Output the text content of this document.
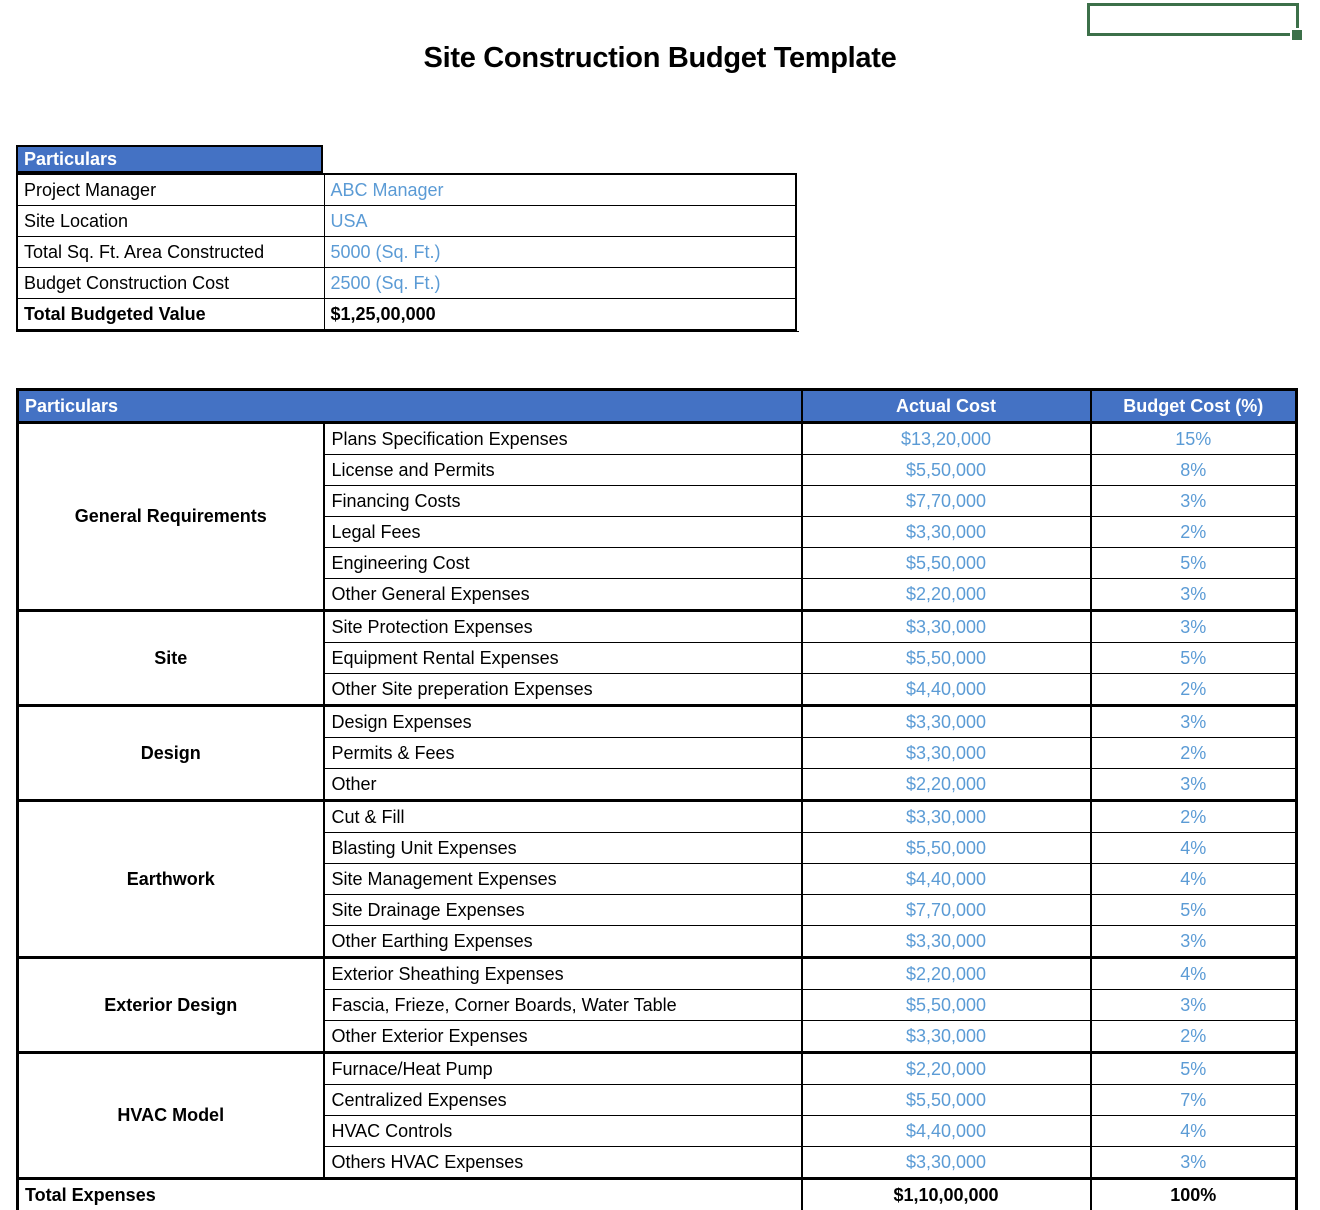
Site Construction Budget Template
Particulars
Project Manager	ABC Manager
Site Location	USA
Total Sq. Ft. Area Constructed	5000 (Sq. Ft.)
Budget Construction Cost	2500 (Sq. Ft.)
Total Budgeted Value	$1,25,00,000
Particulars		Actual Cost	Budget Cost (%)
General Requirements	Plans Specification Expenses	$13,20,000	15%
	License and Permits	$5,50,000	8%
	Financing Costs	$7,70,000	3%
	Legal Fees	$3,30,000	2%
	Engineering Cost	$5,50,000	5%
	Other General Expenses	$2,20,000	3%
Site	Site Protection Expenses	$3,30,000	3%
	Equipment Rental Expenses	$5,50,000	5%
	Other Site preperation Expenses	$4,40,000	2%
Design	Design Expenses	$3,30,000	3%
	Permits & Fees	$3,30,000	2%
	Other	$2,20,000	3%
Earthwork	Cut & Fill	$3,30,000	2%
	Blasting Unit Expenses	$5,50,000	4%
	Site Management Expenses	$4,40,000	4%
	Site Drainage Expenses	$7,70,000	5%
	Other Earthing Expenses	$3,30,000	3%
Exterior Design	Exterior Sheathing Expenses	$2,20,000	4%
	Fascia, Frieze, Corner Boards, Water Table	$5,50,000	3%
	Other Exterior Expenses	$3,30,000	2%
HVAC Model	Furnace/Heat Pump	$2,20,000	5%
	Centralized Expenses	$5,50,000	7%
	HVAC Controls	$4,40,000	4%
	Others HVAC Expenses	$3,30,000	3%
Total Expenses		$1,10,00,000	100%
